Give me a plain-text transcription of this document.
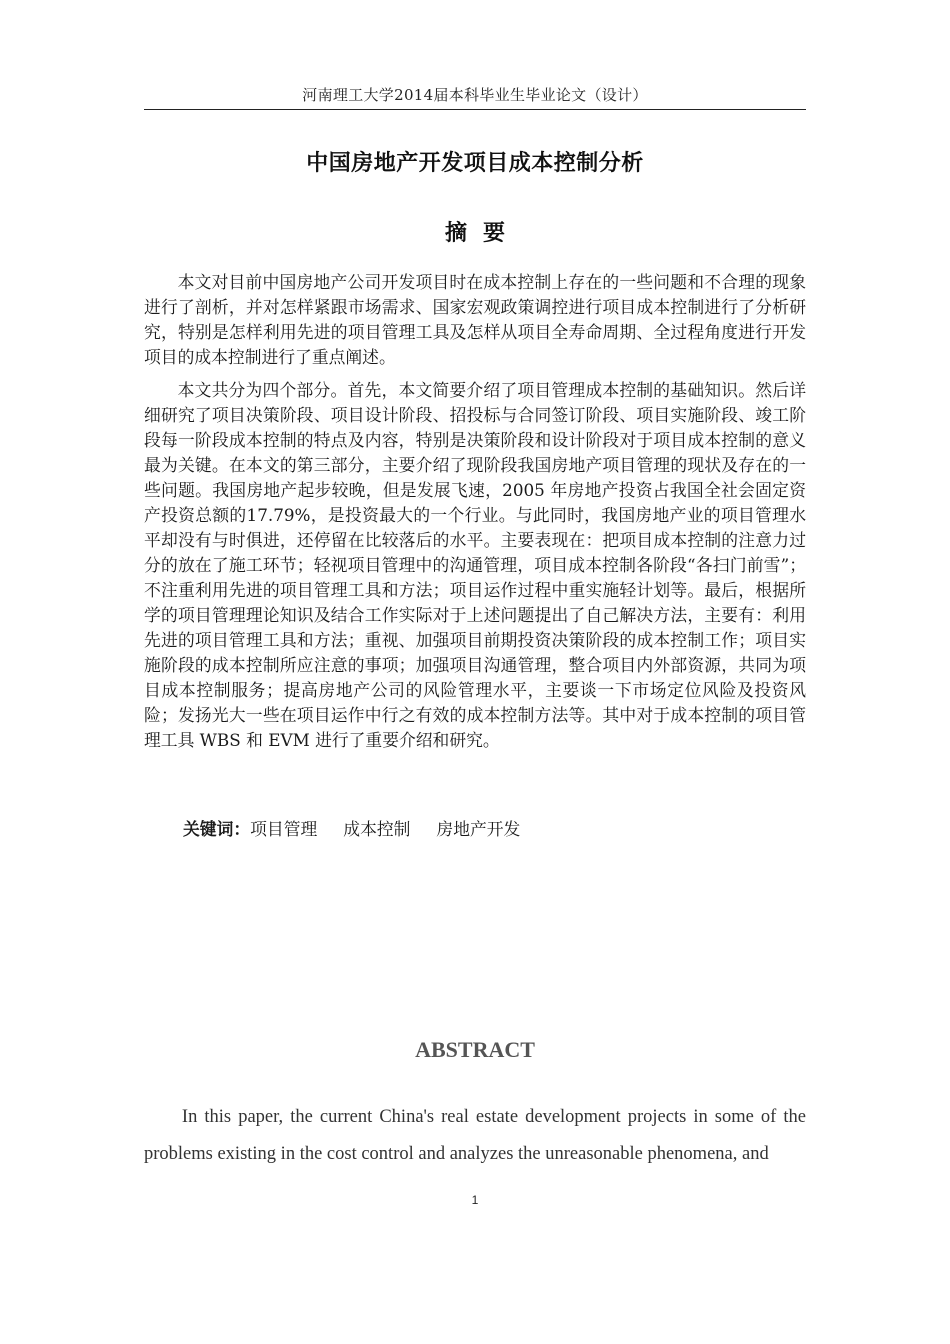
河南理工大学2014届本科毕业生毕业论文（设计）
中国房地产开发项目成本控制分析
摘要

本文对目前中国房地产公司开发项目时在成本控制上存在的一些问题和不合理的现象进行了剖析，并对怎样紧跟市场需求、国家宏观政策调控进行项目成本控制进行了分析研究，特别是怎样利用先进的项目管理工具及怎样从项目全寿命周期、全过程角度进行开发项目的成本控制进行了重点阐述。

本文共分为四个部分。首先，本文简要介绍了项目管理成本控制的基础知识。然后详细研究了项目决策阶段、项目设计阶段、招投标与合同签订阶段、项目实施阶段、竣工阶段每一阶段成本控制的特点及内容，特别是决策阶段和设计阶段对于项目成本控制的意义最为关键。在本文的第三部分，主要介绍了现阶段我国房地产项目管理的现状及存在的一些问题。我国房地产起步较晚，但是发展飞速，2005 年房地产投资占我国全社会固定资产投资总额的17.79%，是投资最大的一个行业。与此同时，我国房地产业的项目管理水平却没有与时俱进，还停留在比较落后的水平。主要表现在：把项目成本控制的注意力过分的放在了施工环节；轻视项目管理中的沟通管理，项目成本控制各阶段“各扫门前雪”；不注重利用先进的项目管理工具和方法；项目运作过程中重实施轻计划等。最后，根据所学的项目管理理论知识及结合工作实际对于上述问题提出了自己解决方法，主要有：利用先进的项目管理工具和方法；重视、加强项目前期投资决策阶段的成本控制工作；项目实施阶段的成本控制所应注意的事项；加强项目沟通管理，整合项目内外部资源，共同为项目成本控制服务；提高房地产公司的风险管理水平，主要谈一下市场定位风险及投资风险；发扬光大一些在项目运作中行之有效的成本控制方法等。其中对于成本控制的项目管理工具 WBS 和 EVM 进行了重要介绍和研究。

关键词：项目管理 成本控制 房地产开发
ABSTRACT

In this paper, the current China's real estate development projects in some of the problems existing in the cost control and analyzes the unreasonable phenomena, and

1
